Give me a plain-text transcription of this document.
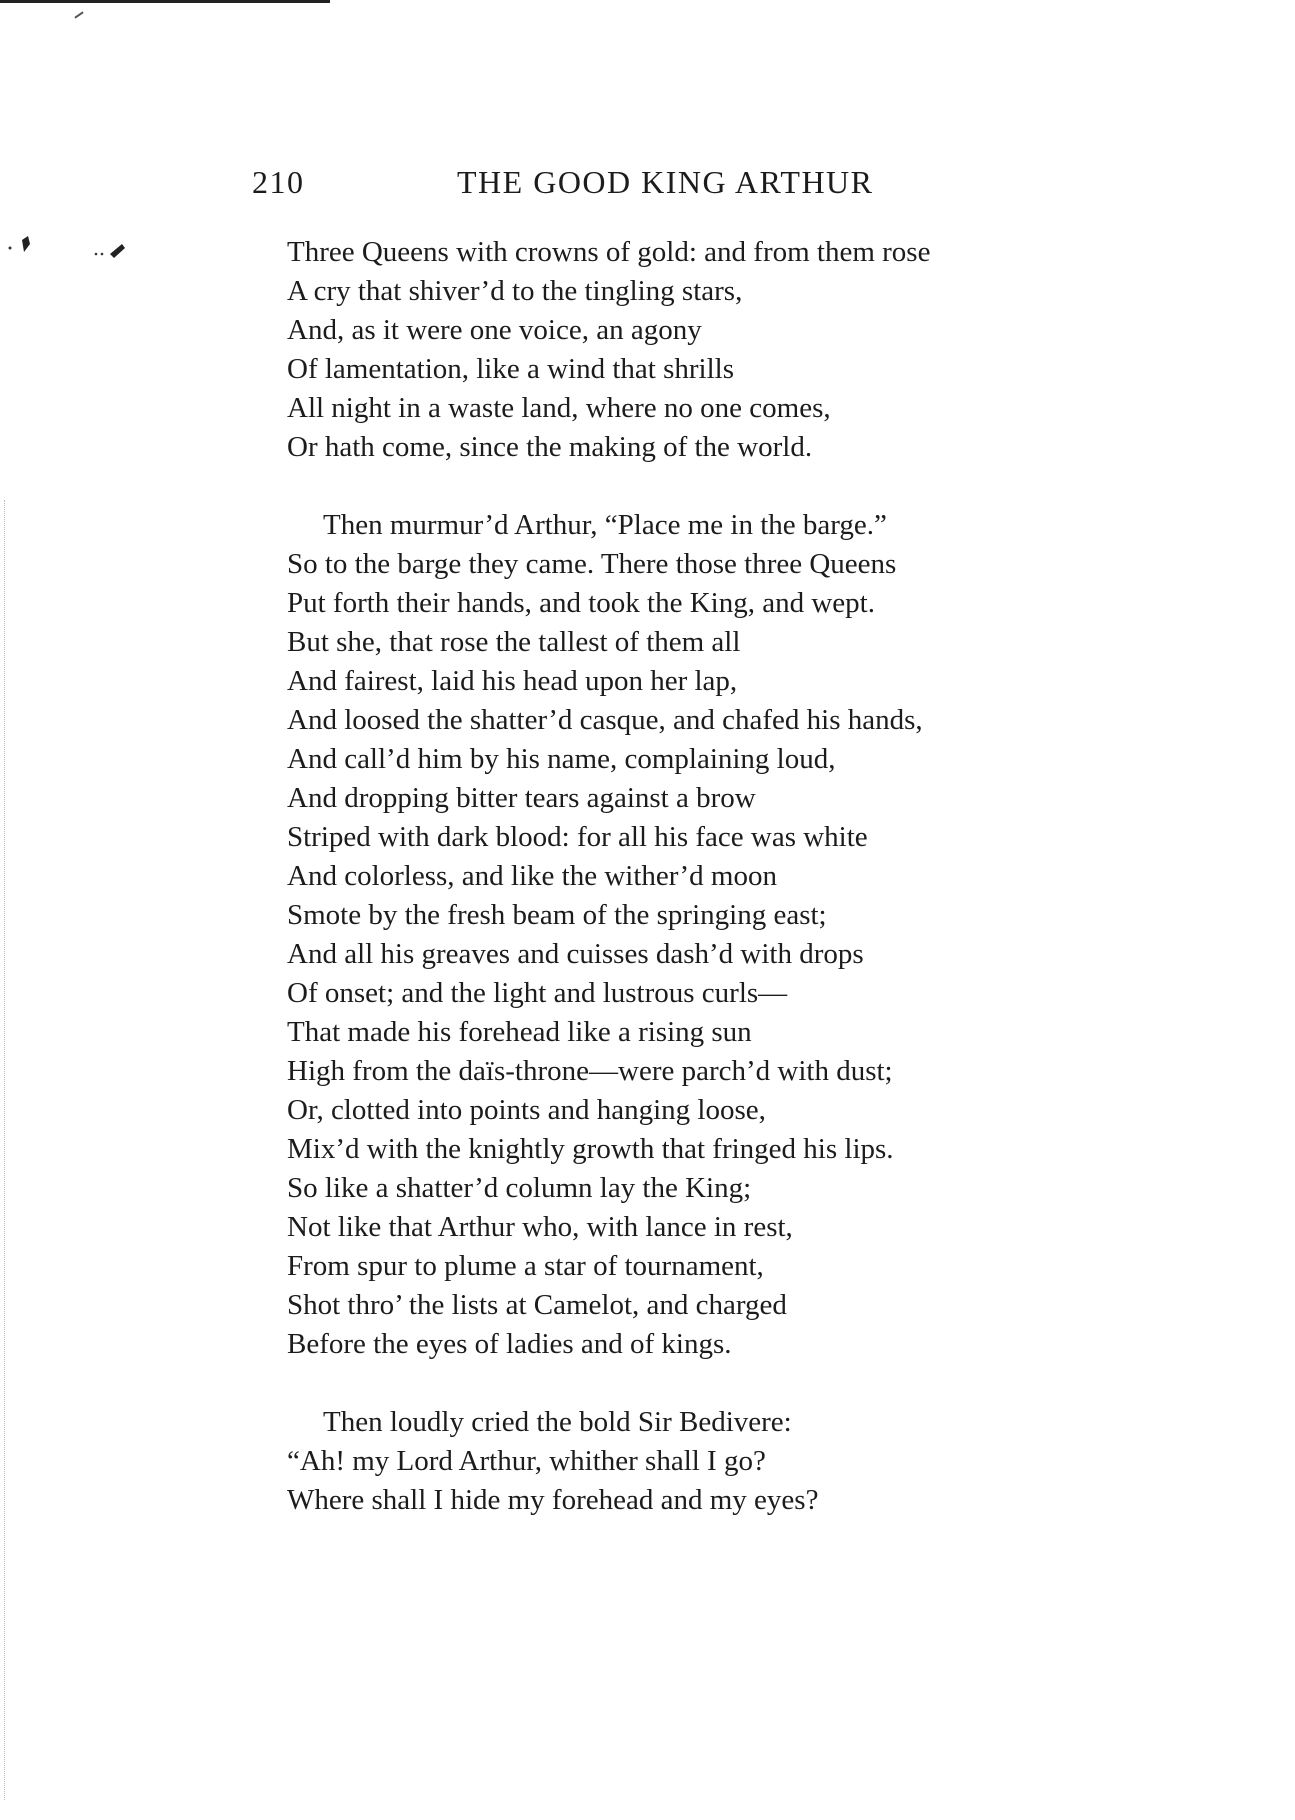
210	THE GOOD KING ARTHUR

Three Queens with crowns of gold: and from them rose
A cry that shiver’d to the tingling stars,
And, as it were one voice, an agony
Of lamentation, like a wind that shrills
All night in a waste land, where no one comes,
Or hath come, since the making of the world.

Then murmur’d Arthur, “Place me in the barge.”
So to the barge they came. There those three Queens
Put forth their hands, and took the King, and wept.
But she, that rose the tallest of them all
And fairest, laid his head upon her lap,
And loosed the shatter’d casque, and chafed his hands,
And call’d him by his name, complaining loud,
And dropping bitter tears against a brow
Striped with dark blood: for all his face was white
And colorless, and like the wither’d moon
Smote by the fresh beam of the springing east;
And all his greaves and cuisses dash’d with drops
Of onset; and the light and lustrous curls—
That made his forehead like a rising sun
High from the daïs-throne—were parch’d with dust;
Or, clotted into points and hanging loose,
Mix’d with the knightly growth that fringed his lips.
So like a shatter’d column lay the King;
Not like that Arthur who, with lance in rest,
From spur to plume a star of tournament,
Shot thro’ the lists at Camelot, and charged
Before the eyes of ladies and of kings.

Then loudly cried the bold Sir Bedivere:
“Ah! my Lord Arthur, whither shall I go?
Where shall I hide my forehead and my eyes?
